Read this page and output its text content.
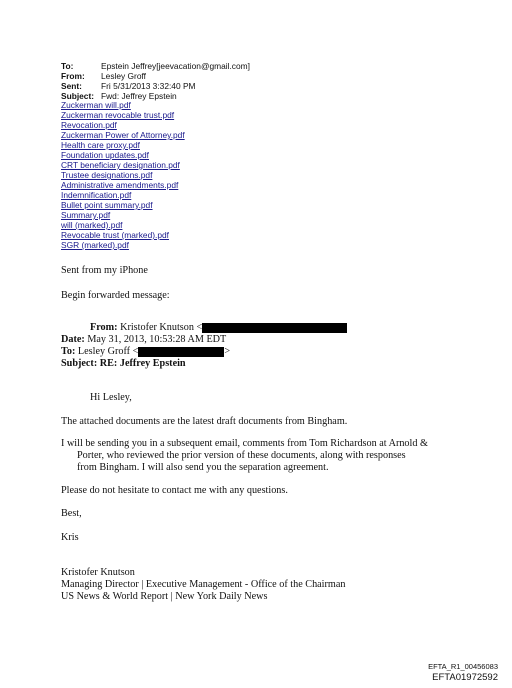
To:	Epstein Jeffrey[jeevacation@gmail.com]
From:	Lesley Groff
Sent:	Fri 5/31/2013 3:32:40 PM
Subject: Fwd: Jeffrey Epstein
Zuckerman will.pdf
Zuckerman revocable trust.pdf
Revocation.pdf
Zuckerman Power of Attorney.pdf
Health care proxy.pdf
Foundation updates.pdf
CRT beneficiary designation.pdf
Trustee designations.pdf
Administrative amendments.pdf
Indemnification.pdf
Bullet point summary.pdf
Summary.pdf
will (marked).pdf
Revocable trust (marked).pdf
SGR (marked).pdf
Sent from my iPhone
Begin forwarded message:
From:
Kristofer Knutson <
Date:
May 31, 2013, 10:53:28 AM EDT
To:
Lesley Groff <	>
Subject:
RE: Jeffrey Epstein
Hi Lesley,
The attached documents are the latest draft documents from Bingham.
I will be sending you in a subsequent email, comments from Tom Richardson at Arnold &
Porter, who reviewed the prior version of these documents, along with responses
from Bingham. I will also send you the separation agreement.
Please do not hesitate to contact me with any questions.
Best,
Kris
Kristofer Knutson
Managing Director | Executive Management - Office of the Chairman
US News & World Report | New York Daily News
EFTA_R1_00456083
EFTA01972592
